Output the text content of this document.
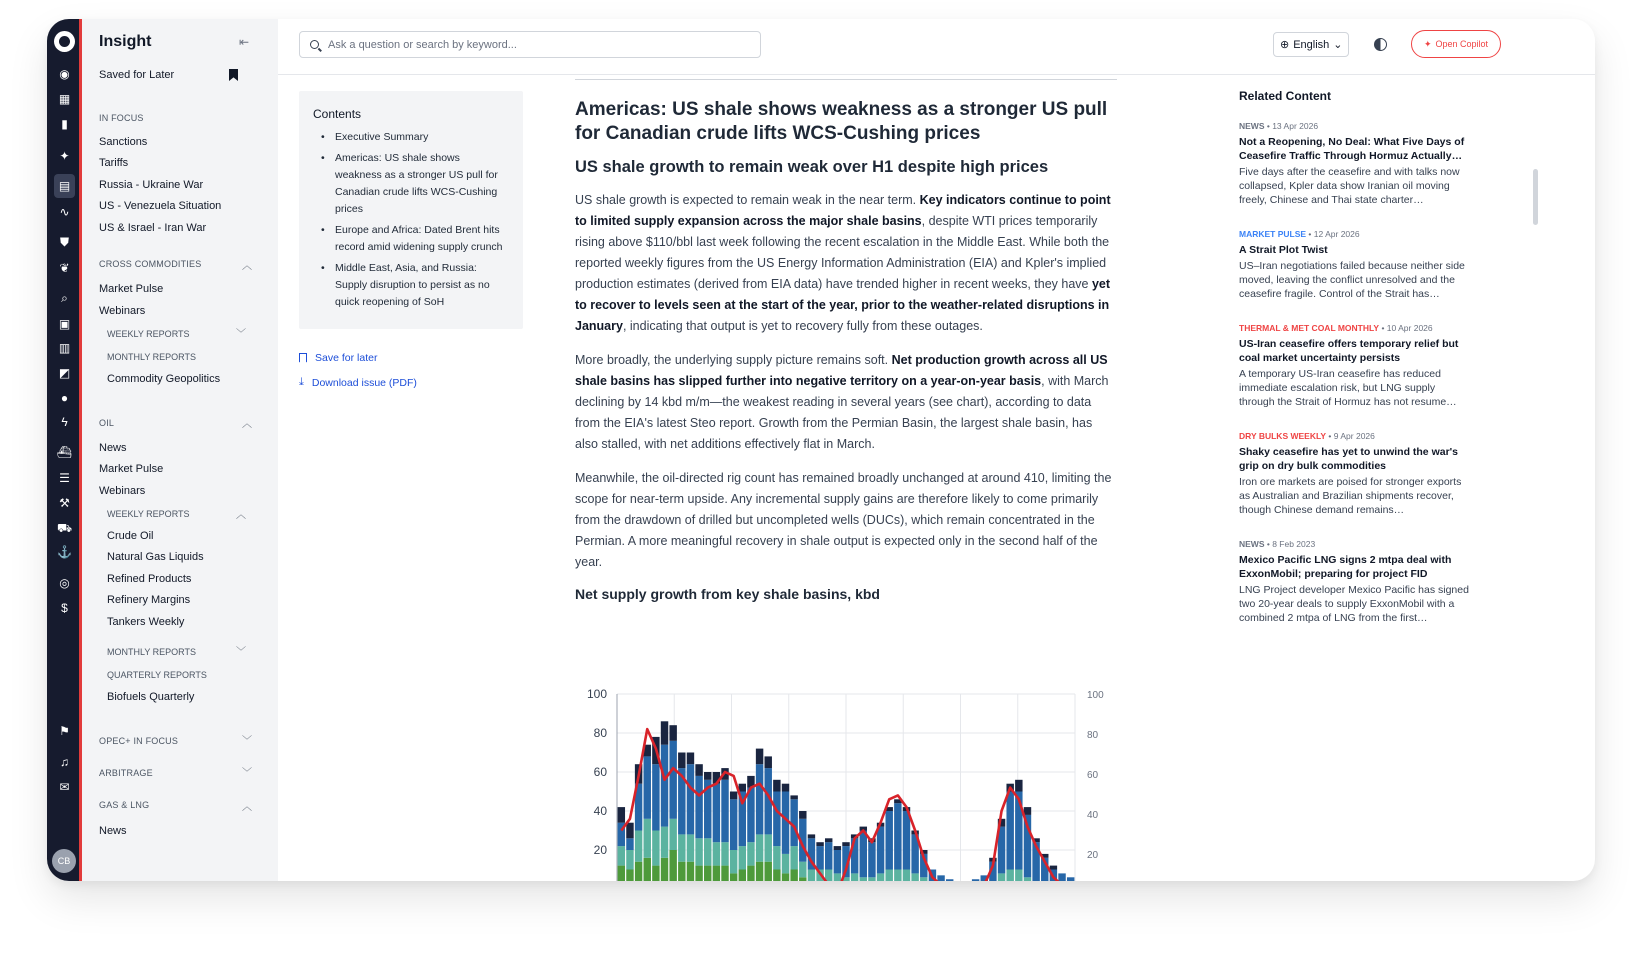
◉
▦
▮
✦
▤
∿
⛊
❦
⌕
▣
▥
◩
●
ϟ
⛴
☰
⚒
⛟
⚓
◎
$
⚑
♫
✉
CB
Insight	⇤
Saved for Later
IN FOCUS
Sanctions
Tariffs
Russia - Ukraine War
US - Venezuela Situation
US & Israel - Iran War
CROSS COMMODITIES	︿
Market Pulse
Webinars
WEEKLY REPORTS	﹀
MONTHLY REPORTS
Commodity Geopolitics
OIL	︿
News
Market Pulse
Webinars
WEEKLY REPORTS	︿
Crude Oil
Natural Gas Liquids
Refined Products
Refinery Margins
Tankers Weekly
MONTHLY REPORTS	﹀
QUARTERLY REPORTS
Biofuels Quarterly
OPEC+ IN FOCUS	﹀
ARBITRAGE	﹀
GAS & LNG	︿
News
Ask a question or search by keyword...	⊕ English ⌄	✦ Open Copilot
Contents
• Executive Summary
• Americas: US shale shows weakness as a stronger US pull for Canadian crude lifts WCS-Cushing prices
• Europe and Africa: Dated Brent hits record amid widening supply crunch
• Middle East, Asia, and Russia: Supply disruption to persist as no quick reopening of SoH
Save for later
⤓ Download issue (PDF)
Americas: US shale shows weakness as a stronger US pull for Canadian crude lifts WCS-Cushing prices
US shale growth to remain weak over H1 despite high prices

US shale growth is expected to remain weak in the near term. Key indicators continue to point to limited supply expansion across the major shale basins, despite WTI prices temporarily rising above $110/bbl last week following the recent escalation in the Middle East. While both the reported weekly figures from the US Energy Information Administration (EIA) and Kpler's implied production estimates (derived from EIA data) have trended higher in recent weeks, they have yet to recover to levels seen at the start of the year, prior to the weather-related disruptions in January, indicating that output is yet to recovery fully from these outages.

More broadly, the underlying supply picture remains soft. Net production growth across all US shale basins has slipped further into negative territory on a year-on-year basis, with March declining by 14 kbd m/m—the weakest reading in several years (see chart), according to data from the EIA's latest Steo report. Growth from the Permian Basin, the largest shale basin, has also stalled, with net additions effectively flat in March.

Meanwhile, the oil-directed rig count has remained broadly unchanged at around 410, limiting the scope for near-term upside. Any incremental supply gains are therefore likely to come primarily from the drawdown of drilled but uncompleted wells (DUCs), which remain concentrated in the Permian. A more meaningful recovery in shale output is expected only in the second half of the year.

Net supply growth from key shale basins, kbd
100
80
60
40
20
100
80
60
40
20
Related Content
NEWS • 13 Apr 2026
Not a Reopening, No Deal: What Five Days of Ceasefire Traffic Through Hormuz Actually…
Five days after the ceasefire and with talks now collapsed, Kpler data show Iranian oil moving freely, Chinese and Thai state charter…
MARKET PULSE • 12 Apr 2026
A Strait Plot Twist
US–Iran negotiations failed because neither side moved, leaving the conflict unresolved and the ceasefire fragile. Control of the Strait has…
THERMAL & MET COAL MONTHLY • 10 Apr 2026
US-Iran ceasefire offers temporary relief but coal market uncertainty persists
A temporary US-Iran ceasefire has reduced immediate escalation risk, but LNG supply through the Strait of Hormuz has not resume…
DRY BULKS WEEKLY • 9 Apr 2026
Shaky ceasefire has yet to unwind the war's grip on dry bulk commodities
Iron ore markets are poised for stronger exports as Australian and Brazilian shipments recover, though Chinese demand remains…
NEWS • 8 Feb 2023
Mexico Pacific LNG signs 2 mtpa deal with ExxonMobil; preparing for project FID
LNG Project developer Mexico Pacific has signed two 20-year deals to supply ExxonMobil with a combined 2 mtpa of LNG from the first…
